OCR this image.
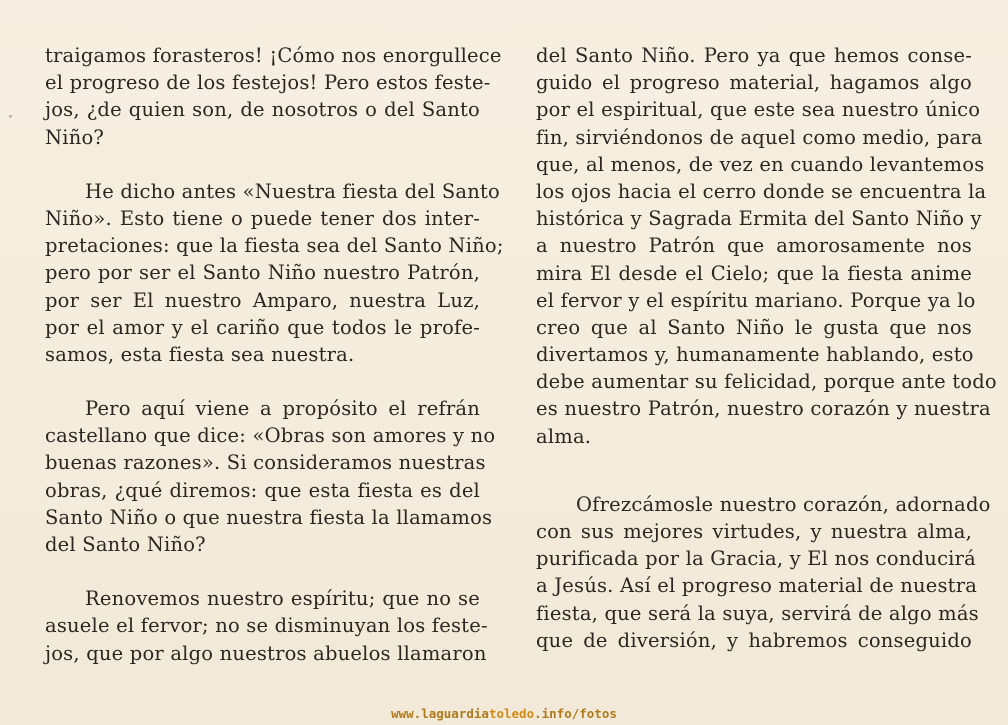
˅
traigamos forasteros! ¡Cómo nos enorgullece
el progreso de los festejos! Pero estos feste-
jos, ¿de quien son, de nosotros o del Santo
Niño?
He dicho antes «Nuestra fiesta del Santo
Niño». Esto tiene o puede tener dos inter-
pretaciones: que la fiesta sea del Santo Niño;
pero por ser el Santo Niño nuestro Patrón,
por ser El nuestro Amparo, nuestra Luz,
por el amor y el cariño que todos le profe-
samos, esta fiesta sea nuestra.
Pero aquí viene a propósito el refrán
castellano que dice: «Obras son amores y no
buenas razones». Si consideramos nuestras
obras, ¿qué diremos: que esta fiesta es del
Santo Niño o que nuestra fiesta la llamamos
del Santo Niño?
Renovemos nuestro espíritu; que no se
asuele el fervor; no se disminuyan los feste-
jos, que por algo nuestros abuelos llamaron
del Santo Niño. Pero ya que hemos conse-
guido el progreso material, hagamos algo
por el espiritual, que este sea nuestro único
fin, sirviéndonos de aquel como medio, para
que, al menos, de vez en cuando levantemos
los ojos hacia el cerro donde se encuentra la
histórica y Sagrada Ermita del Santo Niño y
a nuestro Patrón que amorosamente nos
mira El desde el Cielo; que la fiesta anime
el fervor y el espíritu mariano. Porque ya lo
creo que al Santo Niño le gusta que nos
divertamos y, humanamente hablando, esto
debe aumentar su felicidad, porque ante todo
es nuestro Patrón, nuestro corazón y nuestra
alma.
Ofrezcámosle nuestro corazón, adornado
con sus mejores virtudes, y nuestra alma,
purificada por la Gracia, y El nos conducirá
a Jesús. Así el progreso material de nuestra
fiesta, que será la suya, servirá de algo más
que de diversión, y habremos conseguido
www.laguardiatoledo.info/fotos
